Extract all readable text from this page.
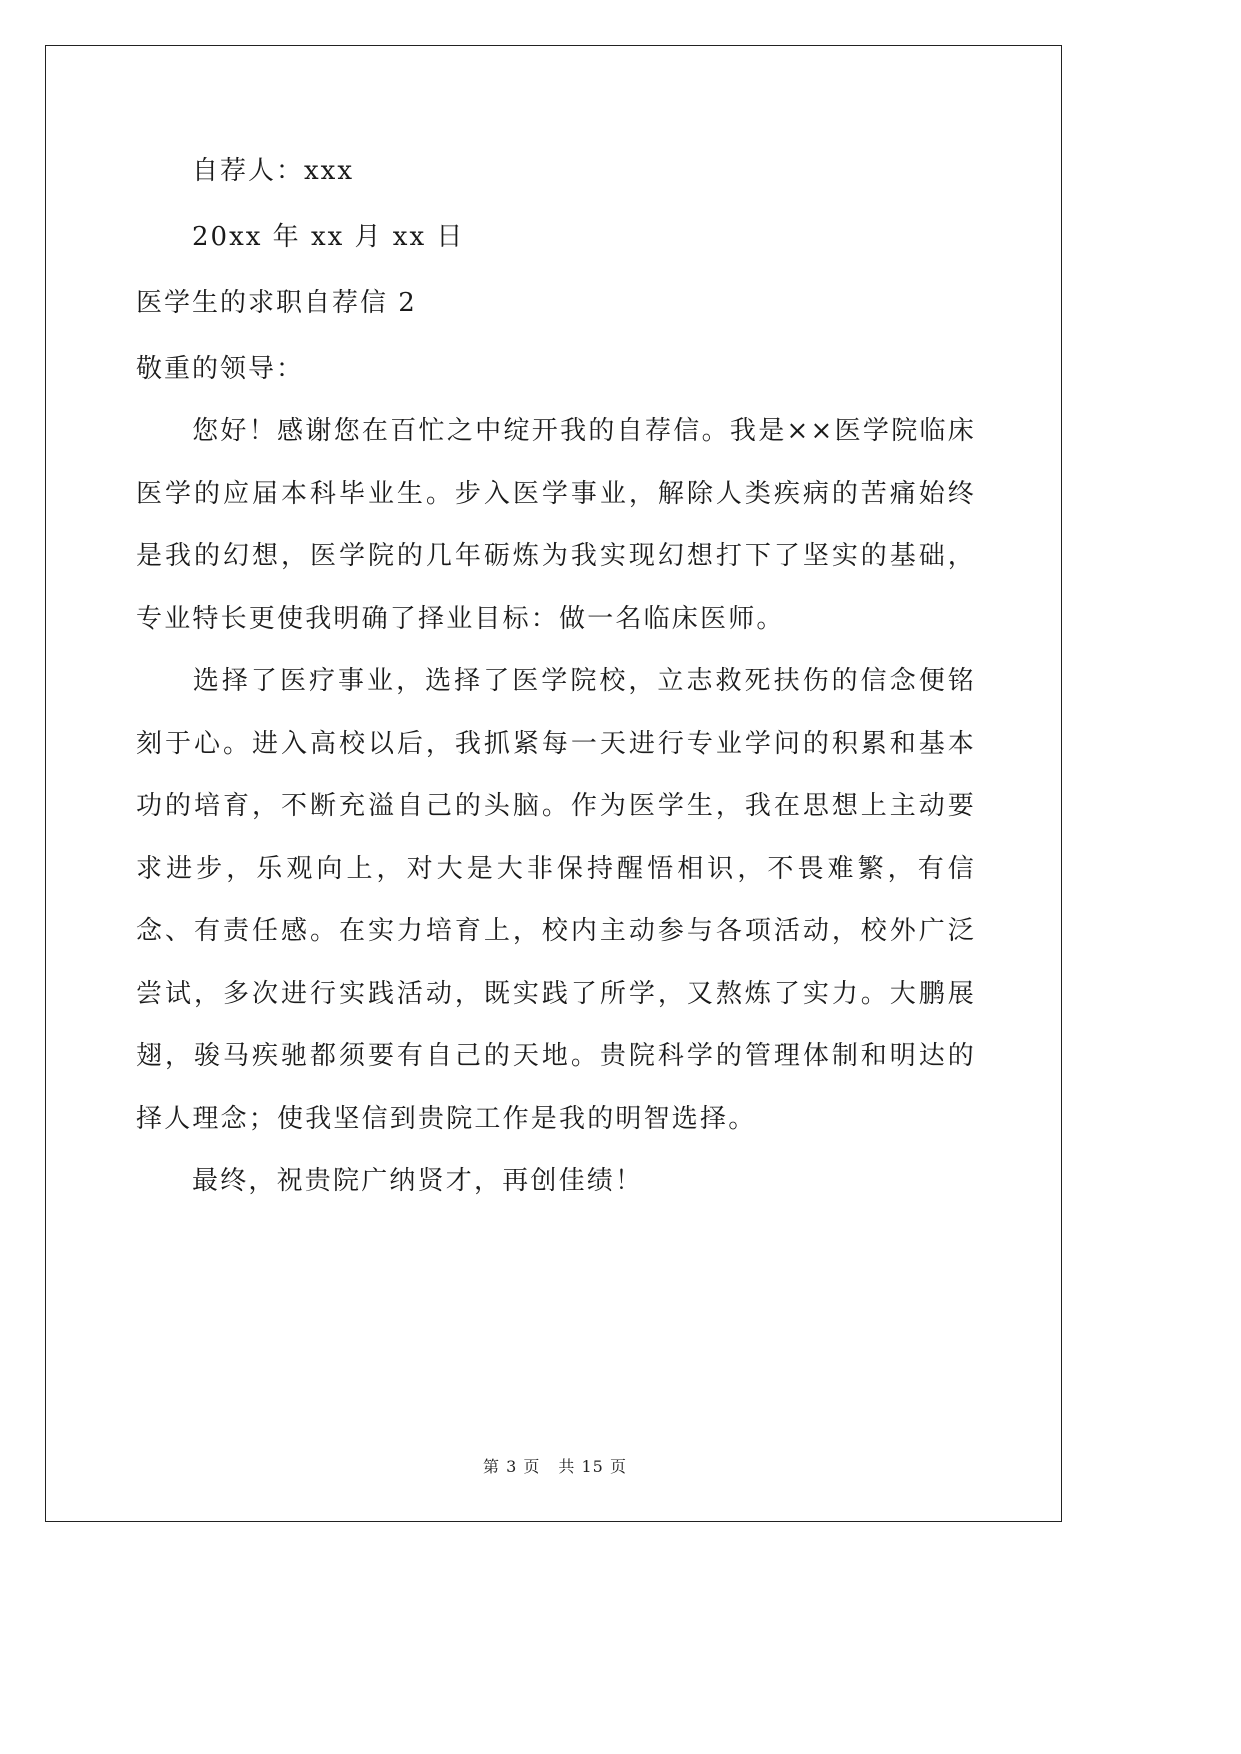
自荐人：xxx
20xx 年 xx 月 xx 日
医学生的求职自荐信 2
敬重的领导：
您好！感谢您在百忙之中绽开我的自荐信。我是××医学院临床医学的应届本科毕业生。步入医学事业，解除人类疾病的苦痛始终是我的幻想，医学院的几年砺炼为我实现幻想打下了坚实的基础，专业特长更使我明确了择业目标：做一名临床医师。
选择了医疗事业，选择了医学院校，立志救死扶伤的信念便铭刻于心。进入高校以后，我抓紧每一天进行专业学问的积累和基本功的培育，不断充溢自己的头脑。作为医学生，我在思想上主动要求进步，乐观向上，对大是大非保持醒悟相识，不畏难繁，有信念、有责任感。在实力培育上，校内主动参与各项活动，校外广泛尝试，多次进行实践活动，既实践了所学，又熬炼了实力。大鹏展翅，骏马疾驰都须要有自己的天地。贵院科学的管理体制和明达的择人理念；使我坚信到贵院工作是我的明智选择。
最终，祝贵院广纳贤才，再创佳绩！
第 3 页 共 15 页
